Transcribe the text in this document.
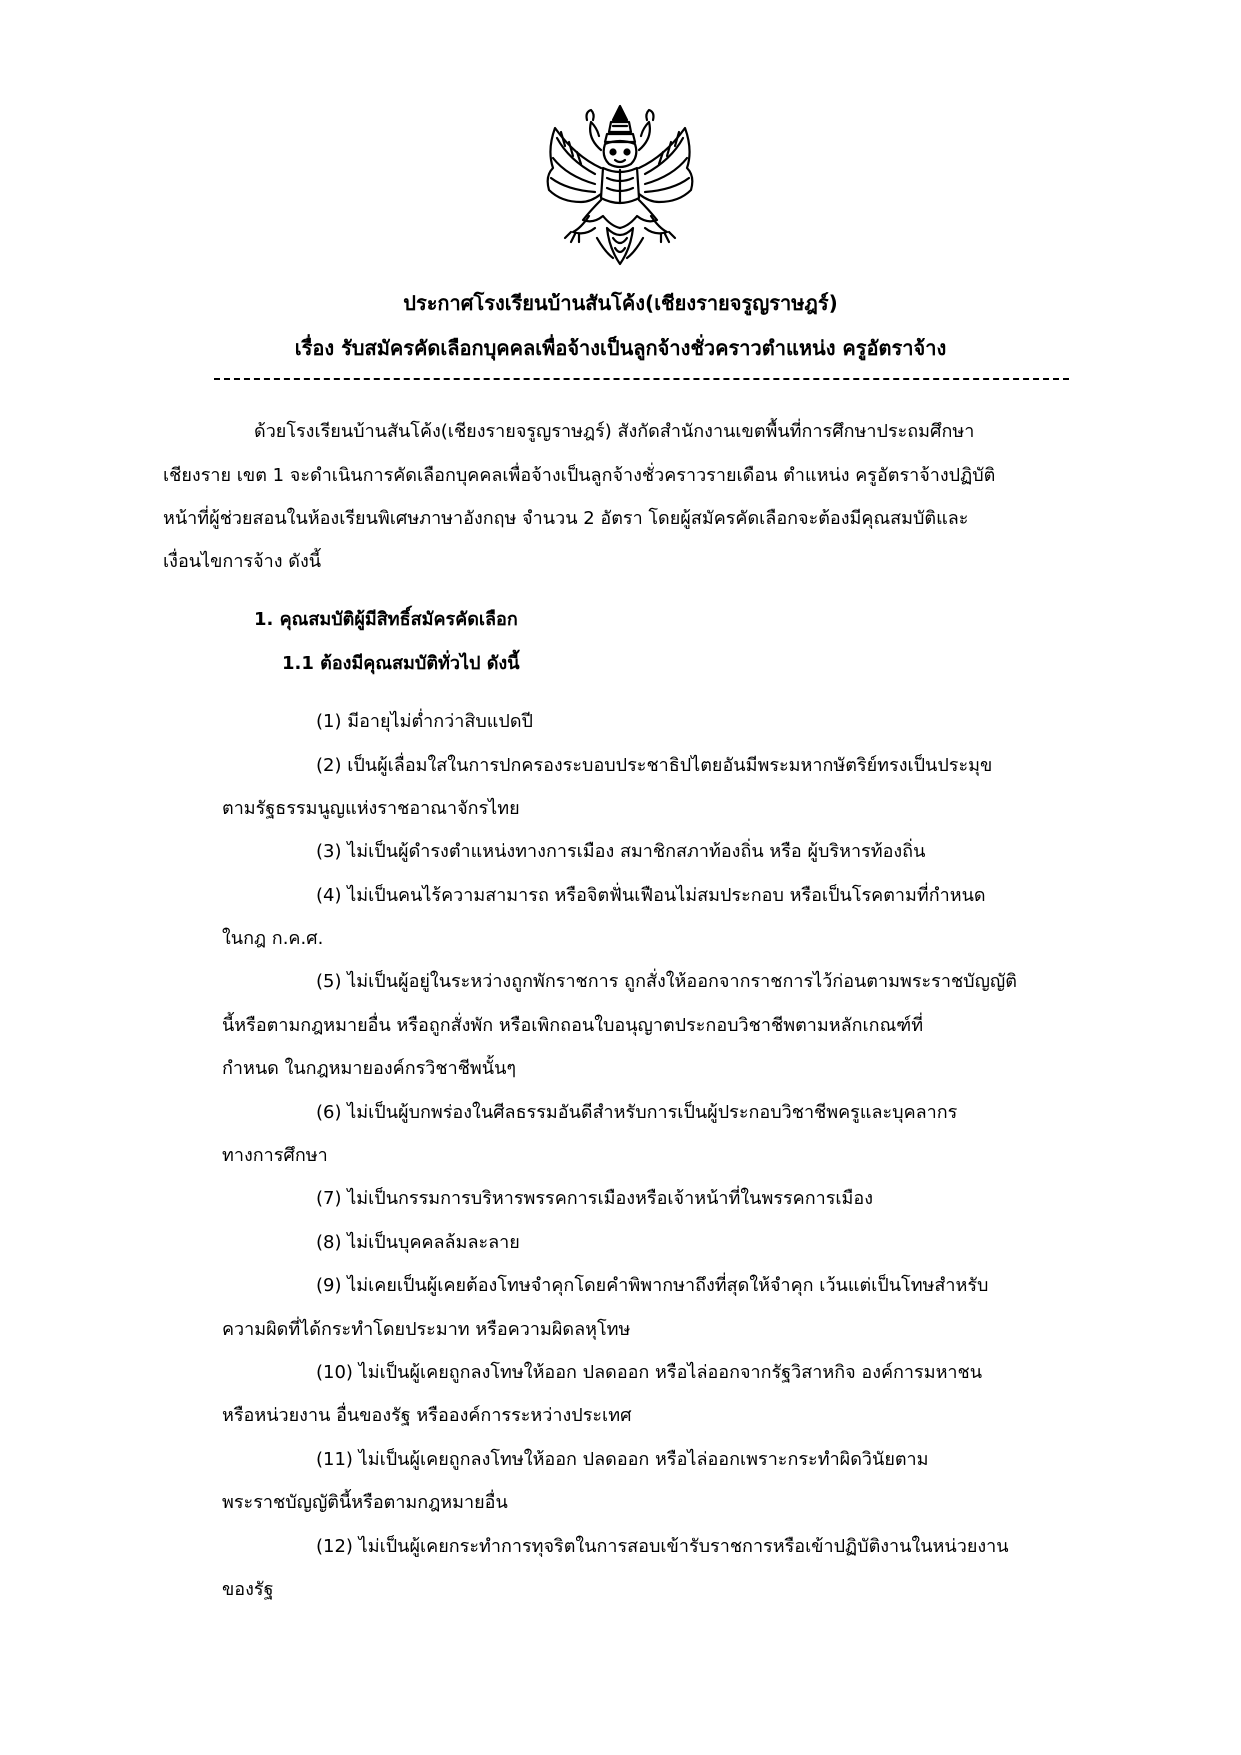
ประกาศโรงเรียนบ้านสันโค้ง(เชียงรายจรูญราษฎร์)
เรื่อง รับสมัครคัดเลือกบุคคลเพื่อจ้างเป็นลูกจ้างชั่วคราวตำแหน่ง ครูอัตราจ้าง
ด้วยโรงเรียนบ้านสันโค้ง(เชียงรายจรูญราษฎร์) สังกัดสำนักงานเขตพื้นที่การศึกษาประถมศึกษา
เชียงราย เขต 1 จะดำเนินการคัดเลือกบุคคลเพื่อจ้างเป็นลูกจ้างชั่วคราวรายเดือน ตำแหน่ง ครูอัตราจ้างปฏิบัติ
หน้าที่ผู้ช่วยสอนในห้องเรียนพิเศษภาษาอังกฤษ จำนวน 2 อัตรา โดยผู้สมัครคัดเลือกจะต้องมีคุณสมบัติและ
เงื่อนไขการจ้าง ดังนี้
1. คุณสมบัติผู้มีสิทธิ์สมัครคัดเลือก
1.1 ต้องมีคุณสมบัติทั่วไป ดังนี้
(1) มีอายุไม่ต่ำกว่าสิบแปดปี
(2) เป็นผู้เลื่อมใสในการปกครองระบอบประชาธิปไตยอันมีพระมหากษัตริย์ทรงเป็นประมุข
ตามรัฐธรรมนูญแห่งราชอาณาจักรไทย
(3) ไม่เป็นผู้ดำรงตำแหน่งทางการเมือง สมาชิกสภาท้องถิ่น หรือ ผู้บริหารท้องถิ่น
(4) ไม่เป็นคนไร้ความสามารถ หรือจิตฟั่นเฟือนไม่สมประกอบ หรือเป็นโรคตามที่กำหนด
ในกฎ ก.ค.ศ.
(5) ไม่เป็นผู้อยู่ในระหว่างถูกพักราชการ ถูกสั่งให้ออกจากราชการไว้ก่อนตามพระราชบัญญัติ
นี้หรือตามกฎหมายอื่น หรือถูกสั่งพัก หรือเพิกถอนใบอนุญาตประกอบวิชาชีพตามหลักเกณฑ์ที่
กำหนด ในกฎหมายองค์กรวิชาชีพนั้นๆ
(6) ไม่เป็นผู้บกพร่องในศีลธรรมอันดีสำหรับการเป็นผู้ประกอบวิชาชีพครูและบุคลากร
ทางการศึกษา
(7) ไม่เป็นกรรมการบริหารพรรคการเมืองหรือเจ้าหน้าที่ในพรรคการเมือง
(8) ไม่เป็นบุคคลล้มละลาย
(9) ไม่เคยเป็นผู้เคยต้องโทษจำคุกโดยคำพิพากษาถึงที่สุดให้จำคุก เว้นแต่เป็นโทษสำหรับ
ความผิดที่ได้กระทำโดยประมาท หรือความผิดลหุโทษ
(10) ไม่เป็นผู้เคยถูกลงโทษให้ออก ปลดออก หรือไล่ออกจากรัฐวิสาหกิจ องค์การมหาชน
หรือหน่วยงาน อื่นของรัฐ หรือองค์การระหว่างประเทศ
(11) ไม่เป็นผู้เคยถูกลงโทษให้ออก ปลดออก หรือไล่ออกเพราะกระทำผิดวินัยตาม
พระราชบัญญัตินี้หรือตามกฎหมายอื่น
(12) ไม่เป็นผู้เคยกระทำการทุจริตในการสอบเข้ารับราชการหรือเข้าปฏิบัติงานในหน่วยงาน
ของรัฐ
